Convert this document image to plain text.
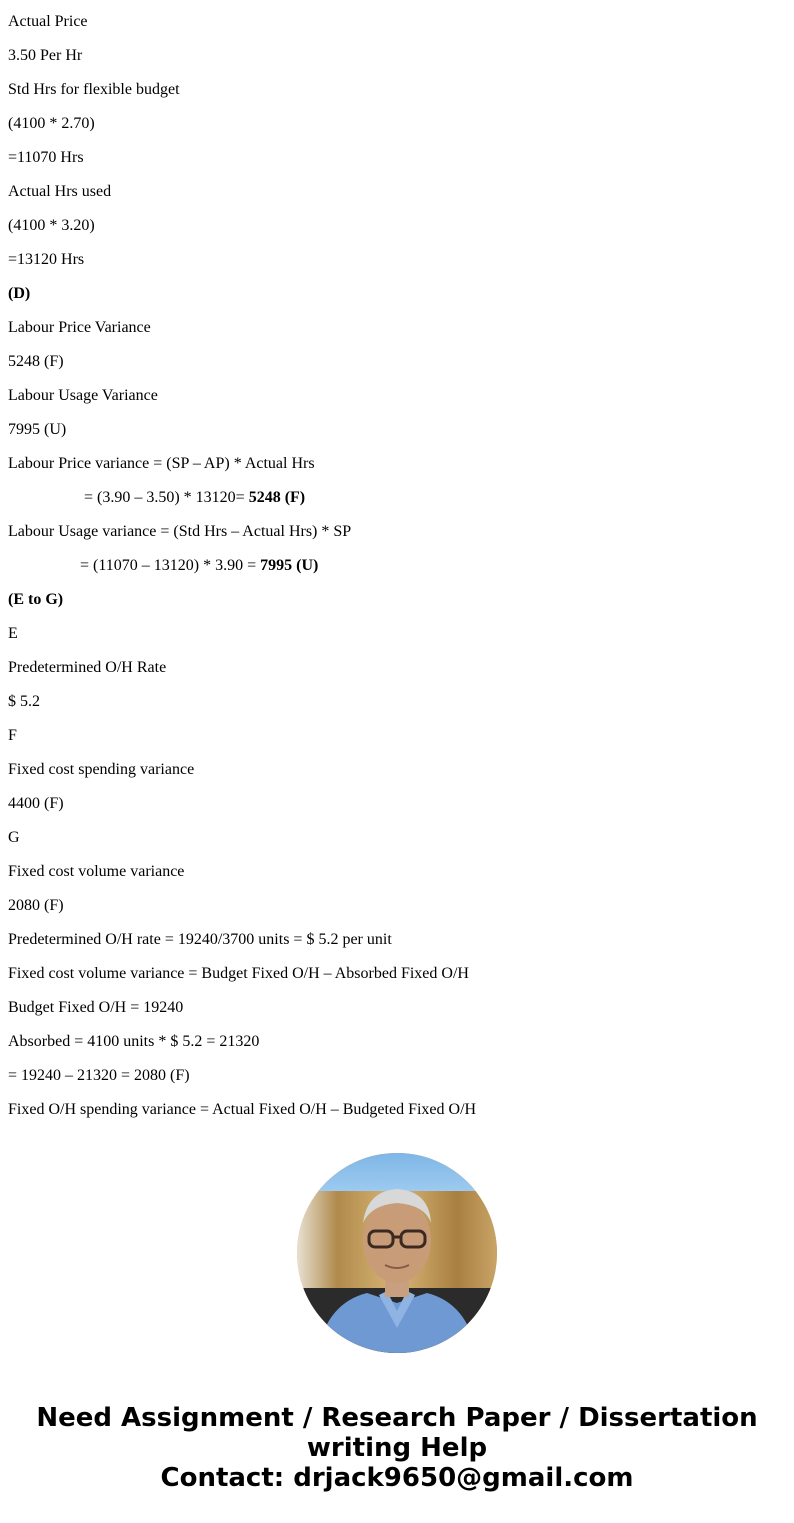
Actual Price
3.50 Per Hr
Std Hrs for flexible budget
(4100 * 2.70)
=11070 Hrs
Actual Hrs used
(4100 * 3.20)
=13120 Hrs
(D)
Labour Price Variance
5248 (F)
Labour Usage Variance
7995 (U)
Labour Price variance = (SP – AP) * Actual Hrs
= (3.90 – 3.50) * 13120= 5248 (F)
Labour Usage variance = (Std Hrs – Actual Hrs) * SP
= (11070 – 13120) * 3.90 = 7995 (U)
(E to G)
E
Predetermined O/H Rate
$ 5.2
F
Fixed cost spending variance
4400 (F)
G
Fixed cost volume variance
2080 (F)
Predetermined O/H rate = 19240/3700 units = $ 5.2 per unit
Fixed cost volume variance = Budget Fixed O/H – Absorbed Fixed O/H
Budget Fixed O/H = 19240
Absorbed = 4100 units * $ 5.2 = 21320
= 19240 – 21320 = 2080 (F)
Fixed O/H spending variance = Actual Fixed O/H – Budgeted Fixed O/H
Need Assignment / Research Paper / Dissertation
writing Help
Contact: drjack9650@gmail.com
